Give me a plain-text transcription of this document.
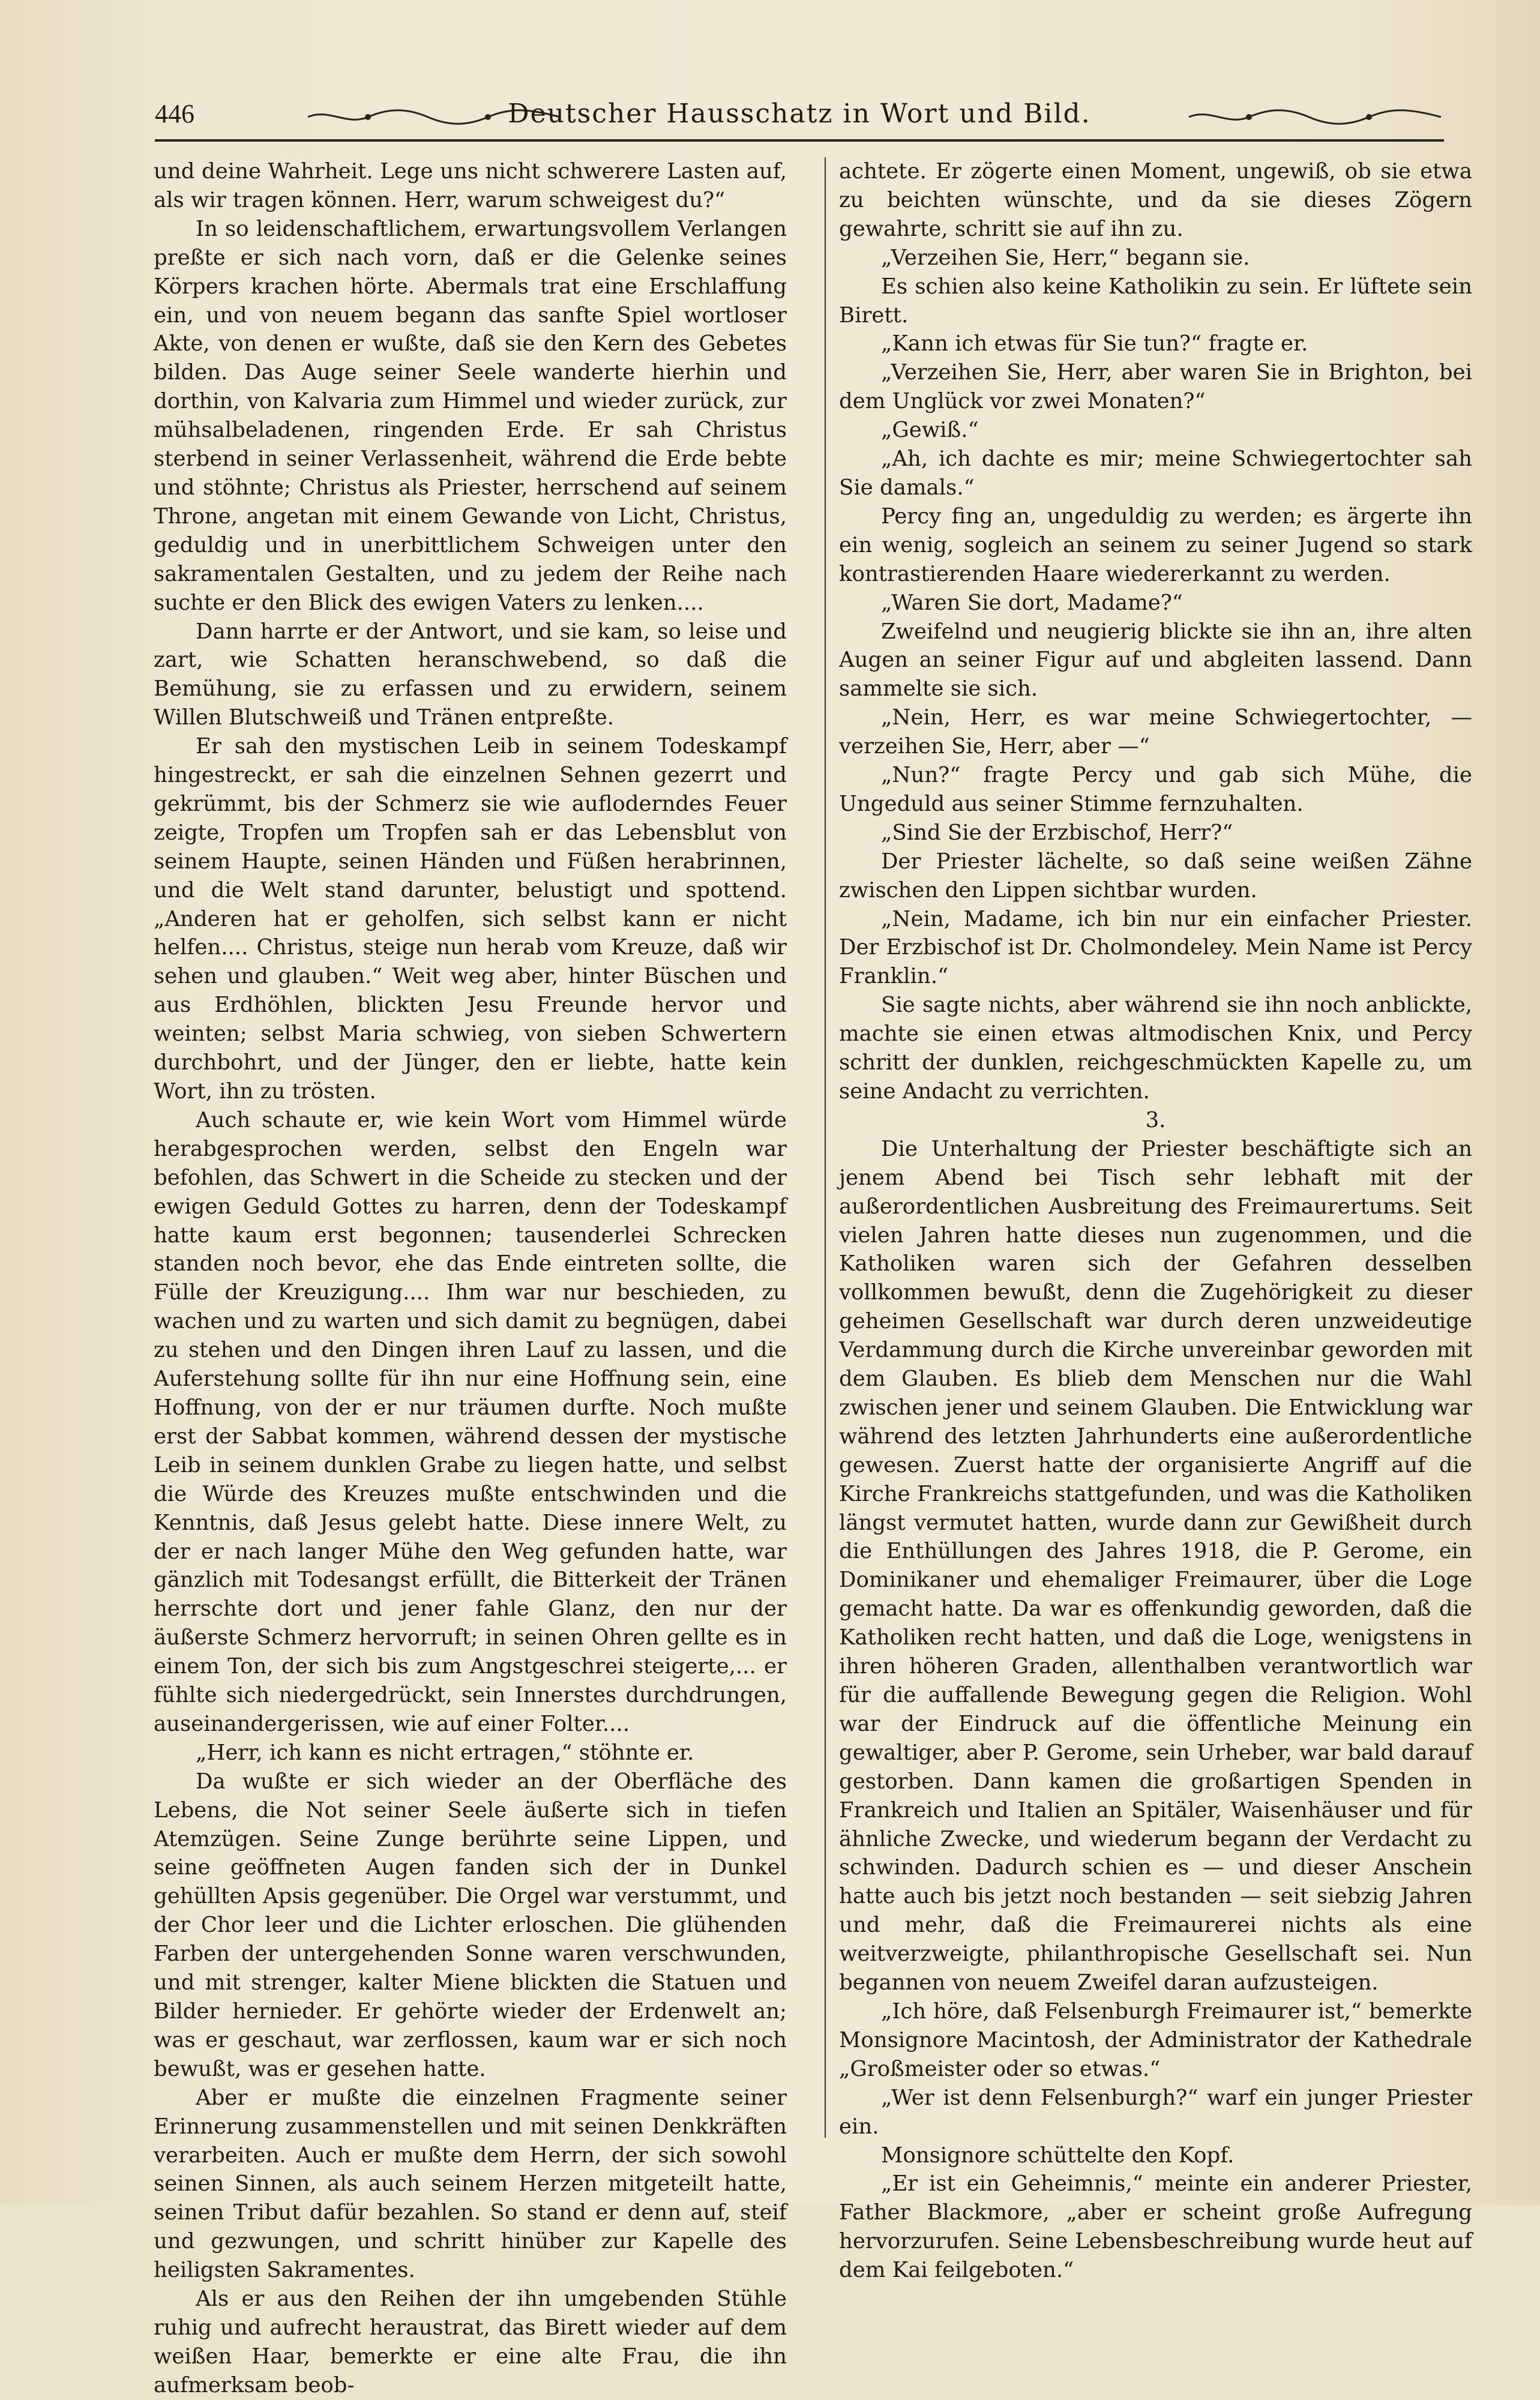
446	Deutscher Hausschatz in Wort und Bild.

und deine Wahrheit. Lege uns nicht schwerere Lasten auf, als wir tragen können. Herr, warum schweigest du?“

In so leidenschaftlichem, erwartungsvollem Verlangen preßte er sich nach vorn, daß er die Gelenke seines Körpers krachen hörte. Abermals trat eine Erschlaffung ein, und von neuem begann das sanfte Spiel wortloser Akte, von denen er wußte, daß sie den Kern des Gebetes bilden. Das Auge seiner Seele wanderte hierhin und dorthin, von Kalvaria zum Himmel und wieder zurück, zur mühsalbeladenen, ringenden Erde. Er sah Christus sterbend in seiner Verlassenheit, während die Erde bebte und stöhnte; Christus als Priester, herrschend auf seinem Throne, angetan mit einem Gewande von Licht, Christus, geduldig und in unerbittlichem Schweigen unter den sakramentalen Gestalten, und zu jedem der Reihe nach suchte er den Blick des ewigen Vaters zu lenken....

Dann harrte er der Antwort, und sie kam, so leise und zart, wie Schatten heranschwebend, so daß die Bemühung, sie zu erfassen und zu erwidern, seinem Willen Blutschweiß und Tränen entpreßte.

Er sah den mystischen Leib in seinem Todeskampf hingestreckt, er sah die einzelnen Sehnen gezerrt und gekrümmt, bis der Schmerz sie wie aufloderndes Feuer zeigte, Tropfen um Tropfen sah er das Lebensblut von seinem Haupte, seinen Händen und Füßen herabrinnen, und die Welt stand darunter, belustigt und spottend. „Anderen hat er geholfen, sich selbst kann er nicht helfen.... Christus, steige nun herab vom Kreuze, daß wir sehen und glauben.“ Weit weg aber, hinter Büschen und aus Erdhöhlen, blickten Jesu Freunde hervor und weinten; selbst Maria schwieg, von sieben Schwertern durchbohrt, und der Jünger, den er liebte, hatte kein Wort, ihn zu trösten.

Auch schaute er, wie kein Wort vom Himmel würde herabgesprochen werden, selbst den Engeln war befohlen, das Schwert in die Scheide zu stecken und der ewigen Geduld Gottes zu harren, denn der Todeskampf hatte kaum erst begonnen; tausenderlei Schrecken standen noch bevor, ehe das Ende eintreten sollte, die Fülle der Kreuzigung.... Ihm war nur beschieden, zu wachen und zu warten und sich damit zu begnügen, dabei zu stehen und den Dingen ihren Lauf zu lassen, und die Auferstehung sollte für ihn nur eine Hoffnung sein, eine Hoffnung, von der er nur träumen durfte. Noch mußte erst der Sabbat kommen, während dessen der mystische Leib in seinem dunklen Grabe zu liegen hatte, und selbst die Würde des Kreuzes mußte entschwinden und die Kenntnis, daß Jesus gelebt hatte. Diese innere Welt, zu der er nach langer Mühe den Weg gefunden hatte, war gänzlich mit Todesangst erfüllt, die Bitterkeit der Tränen herrschte dort und jener fahle Glanz, den nur der äußerste Schmerz hervorruft; in seinen Ohren gellte es in einem Ton, der sich bis zum Angstgeschrei steigerte,... er fühlte sich niedergedrückt, sein Innerstes durchdrungen, auseinandergerissen, wie auf einer Folter....

„Herr, ich kann es nicht ertragen,“ stöhnte er.

Da wußte er sich wieder an der Oberfläche des Lebens, die Not seiner Seele äußerte sich in tiefen Atemzügen. Seine Zunge berührte seine Lippen, und seine geöffneten Augen fanden sich der in Dunkel gehüllten Apsis gegenüber. Die Orgel war verstummt, und der Chor leer und die Lichter erloschen. Die glühenden Farben der untergehenden Sonne waren verschwunden, und mit strenger, kalter Miene blickten die Statuen und Bilder hernieder. Er gehörte wieder der Erdenwelt an; was er geschaut, war zerflossen, kaum war er sich noch bewußt, was er gesehen hatte.

Aber er mußte die einzelnen Fragmente seiner Erinnerung zusammenstellen und mit seinen Denkkräften verarbeiten. Auch er mußte dem Herrn, der sich sowohl seinen Sinnen, als auch seinem Herzen mitgeteilt hatte, seinen Tribut dafür bezahlen. So stand er denn auf, steif und gezwungen, und schritt hinüber zur Kapelle des heiligsten Sakramentes.

Als er aus den Reihen der ihn umgebenden Stühle ruhig und aufrecht heraustrat, das Birett wieder auf dem weißen Haar, bemerkte er eine alte Frau, die ihn aufmerksam beob-

achtete. Er zögerte einen Moment, ungewiß, ob sie etwa zu beichten wünschte, und da sie dieses Zögern gewahrte, schritt sie auf ihn zu.

„Verzeihen Sie, Herr,“ begann sie.

Es schien also keine Katholikin zu sein. Er lüftete sein Birett.

„Kann ich etwas für Sie tun?“ fragte er.

„Verzeihen Sie, Herr, aber waren Sie in Brighton, bei dem Unglück vor zwei Monaten?“

„Gewiß.“

„Ah, ich dachte es mir; meine Schwiegertochter sah Sie damals.“

Percy fing an, ungeduldig zu werden; es ärgerte ihn ein wenig, sogleich an seinem zu seiner Jugend so stark kontrastierenden Haare wiedererkannt zu werden.

„Waren Sie dort, Madame?“

Zweifelnd und neugierig blickte sie ihn an, ihre alten Augen an seiner Figur auf und abgleiten lassend. Dann sammelte sie sich.

„Nein, Herr, es war meine Schwiegertochter, — verzeihen Sie, Herr, aber —“

„Nun?“ fragte Percy und gab sich Mühe, die Ungeduld aus seiner Stimme fernzuhalten.

„Sind Sie der Erzbischof, Herr?“

Der Priester lächelte, so daß seine weißen Zähne zwischen den Lippen sichtbar wurden.

„Nein, Madame, ich bin nur ein einfacher Priester. Der Erzbischof ist Dr. Cholmondeley. Mein Name ist Percy Franklin.“

Sie sagte nichts, aber während sie ihn noch anblickte, machte sie einen etwas altmodischen Knix, und Percy schritt der dunklen, reichgeschmückten Kapelle zu, um seine Andacht zu verrichten.

3.

Die Unterhaltung der Priester beschäftigte sich an jenem Abend bei Tisch sehr lebhaft mit der außerordentlichen Ausbreitung des Freimaurertums. Seit vielen Jahren hatte dieses nun zugenommen, und die Katholiken waren sich der Gefahren desselben vollkommen bewußt, denn die Zugehörigkeit zu dieser geheimen Gesellschaft war durch deren unzweideutige Verdammung durch die Kirche unvereinbar geworden mit dem Glauben. Es blieb dem Menschen nur die Wahl zwischen jener und seinem Glauben. Die Entwicklung war während des letzten Jahrhunderts eine außerordentliche gewesen. Zuerst hatte der organisierte Angriff auf die Kirche Frankreichs stattgefunden, und was die Katholiken längst vermutet hatten, wurde dann zur Gewißheit durch die Enthüllungen des Jahres 1918, die P. Gerome, ein Dominikaner und ehemaliger Freimaurer, über die Loge gemacht hatte. Da war es offenkundig geworden, daß die Katholiken recht hatten, und daß die Loge, wenigstens in ihren höheren Graden, allenthalben verantwortlich war für die auffallende Bewegung gegen die Religion. Wohl war der Eindruck auf die öffentliche Meinung ein gewaltiger, aber P. Gerome, sein Urheber, war bald darauf gestorben. Dann kamen die großartigen Spenden in Frankreich und Italien an Spitäler, Waisenhäuser und für ähnliche Zwecke, und wiederum begann der Verdacht zu schwinden. Dadurch schien es — und dieser Anschein hatte auch bis jetzt noch bestanden — seit siebzig Jahren und mehr, daß die Freimaurerei nichts als eine weitverzweigte, philanthropische Gesellschaft sei. Nun begannen von neuem Zweifel daran aufzusteigen.

„Ich höre, daß Felsenburgh Freimaurer ist,“ bemerkte Monsignore Macintosh, der Administrator der Kathedrale „Großmeister oder so etwas.“

„Wer ist denn Felsenburgh?“ warf ein junger Priester ein.

Monsignore schüttelte den Kopf.

„Er ist ein Geheimnis,“ meinte ein anderer Priester, Father Blackmore, „aber er scheint große Aufregung hervorzurufen. Seine Lebensbeschreibung wurde heut auf dem Kai feilgeboten.“
